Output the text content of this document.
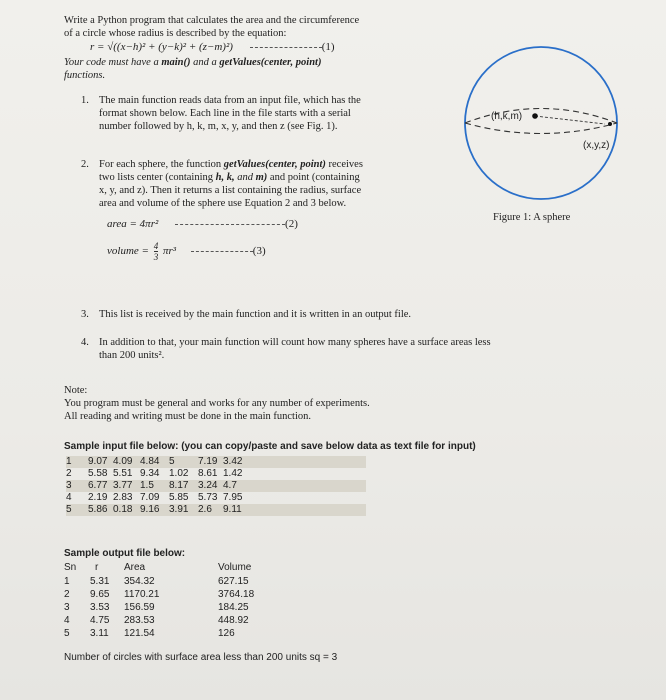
Write a Python program that calculates the area and the circumference
of a circle whose radius is described by the equation:
r = √((x−h)² + (y−k)² + (z−m)²)	(1)
Your code must have a main() and a getValues(center, point)
functions.
1. The main function reads data from an input file, which has the
format shown below. Each line in the file starts with a serial
number followed by h, k, m, x, y, and then z (see Fig. 1).
2. For each sphere, the function getValues(center, point) receives
two lists center (containing h, k, and m) and point (containing
x, y, and z). Then it returns a list containing the radius, surface
area and volume of the sphere use Equation 2 and 3 below.
area = 4πr²	(2)
volume = $\frac{4}{3} \pi r^3$	(3)
(h,k,m)
(x,y,z)
Figure 1: A sphere
3. This list is received by the main function and it is written in an output file.
4. In addition to that, your main function will count how many spheres have a surface areas less
than 200 units².
Note:
You program must be general and works for any number of experiments.
All reading and writing must be done in the main function.
Sample input file below: (you can copy/paste and save below data as text file for input)
1 9.07 4.09 4.84 5 7.19 3.42
2 5.58 5.51 9.34 1.02 8.61 1.42
3 6.77 3.77 1.5 8.17 3.24 4.7
4 2.19 2.83 7.09 5.85 5.73 7.95
5 5.86 0.18 9.16 3.91 2.6 9.11
Sample output file below:
Sn r	Area	Volume
1 5.31 354.32	627.15
2 9.65 1170.21	3764.18
3 3.53 156.59	184.25
4 4.75 283.53	448.92
5 3.11 121.54	126
Number of circles with surface area less than 200 units sq = 3
